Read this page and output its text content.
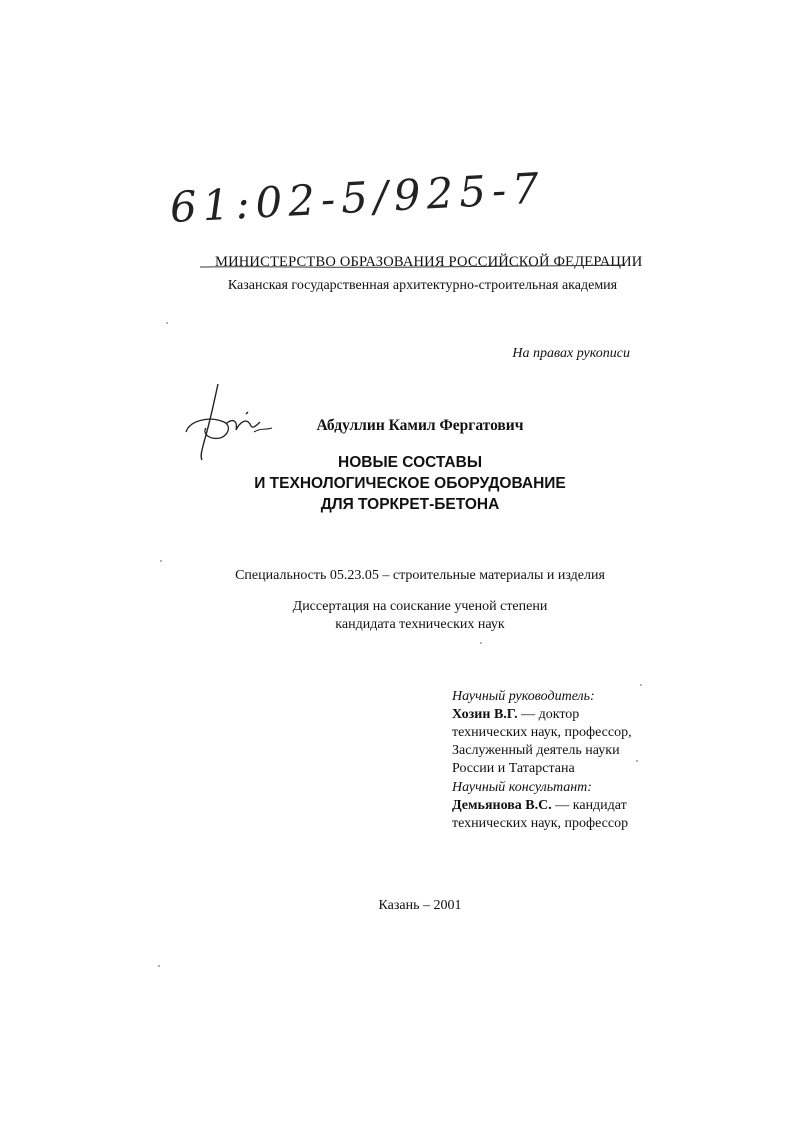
61:02-5/925-7
МИНИСТЕРСТВО ОБРАЗОВАНИЯ РОССИЙСКОЙ ФЕДЕРАЦИИ
Казанская государственная архитектурно-строительная академия
На правах рукописи
Абдуллин Камил Фергатович
НОВЫЕ СОСТАВЫ
И ТЕХНОЛОГИЧЕСКОЕ ОБОРУДОВАНИЕ
ДЛЯ ТОРКРЕТ-БЕТОНА
Специальность 05.23.05 – строительные материалы и изделия
Диссертация на соискание ученой степени
кандидата технических наук
Научный руководитель:
Хозин В.Г. — доктор
технических наук, профессор,
Заслуженный деятель науки
России и Татарстана
Научный консультант:
Демьянова В.С. — кандидат
технических наук, профессор
Казань – 2001
